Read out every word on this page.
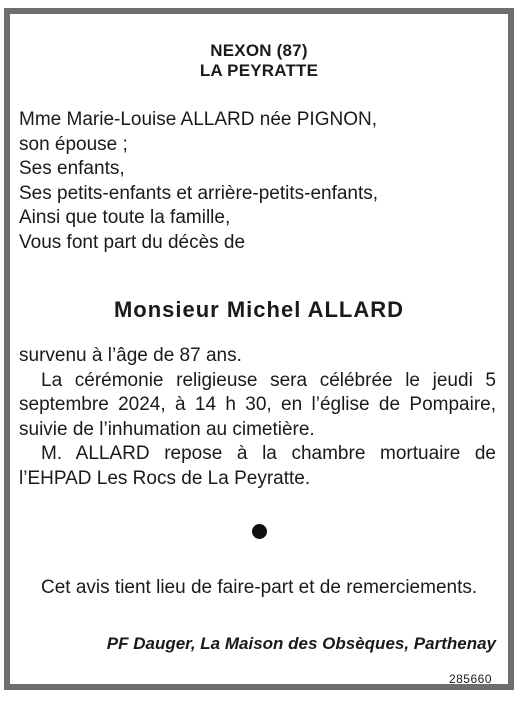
NEXON (87)
LA PEYRATTE
Mme Marie-Louise ALLARD née PIGNON,
son épouse ;
Ses enfants,
Ses petits-enfants et arrière-petits-enfants,
Ainsi que toute la famille,
Vous font part du décès de
Monsieur Michel ALLARD
survenu à l’âge de 87 ans.
La cérémonie religieuse sera célébrée le jeudi 5 septembre 2024, à 14 h 30, en l’église de Pompaire, suivie de l’inhumation au cimetière.
M. ALLARD repose à la chambre mortuaire de l’EHPAD Les Rocs de La Peyratte.
Cet avis tient lieu de faire-part et de remerciements.
PF Dauger, La Maison des Obsèques, Parthenay
285660
